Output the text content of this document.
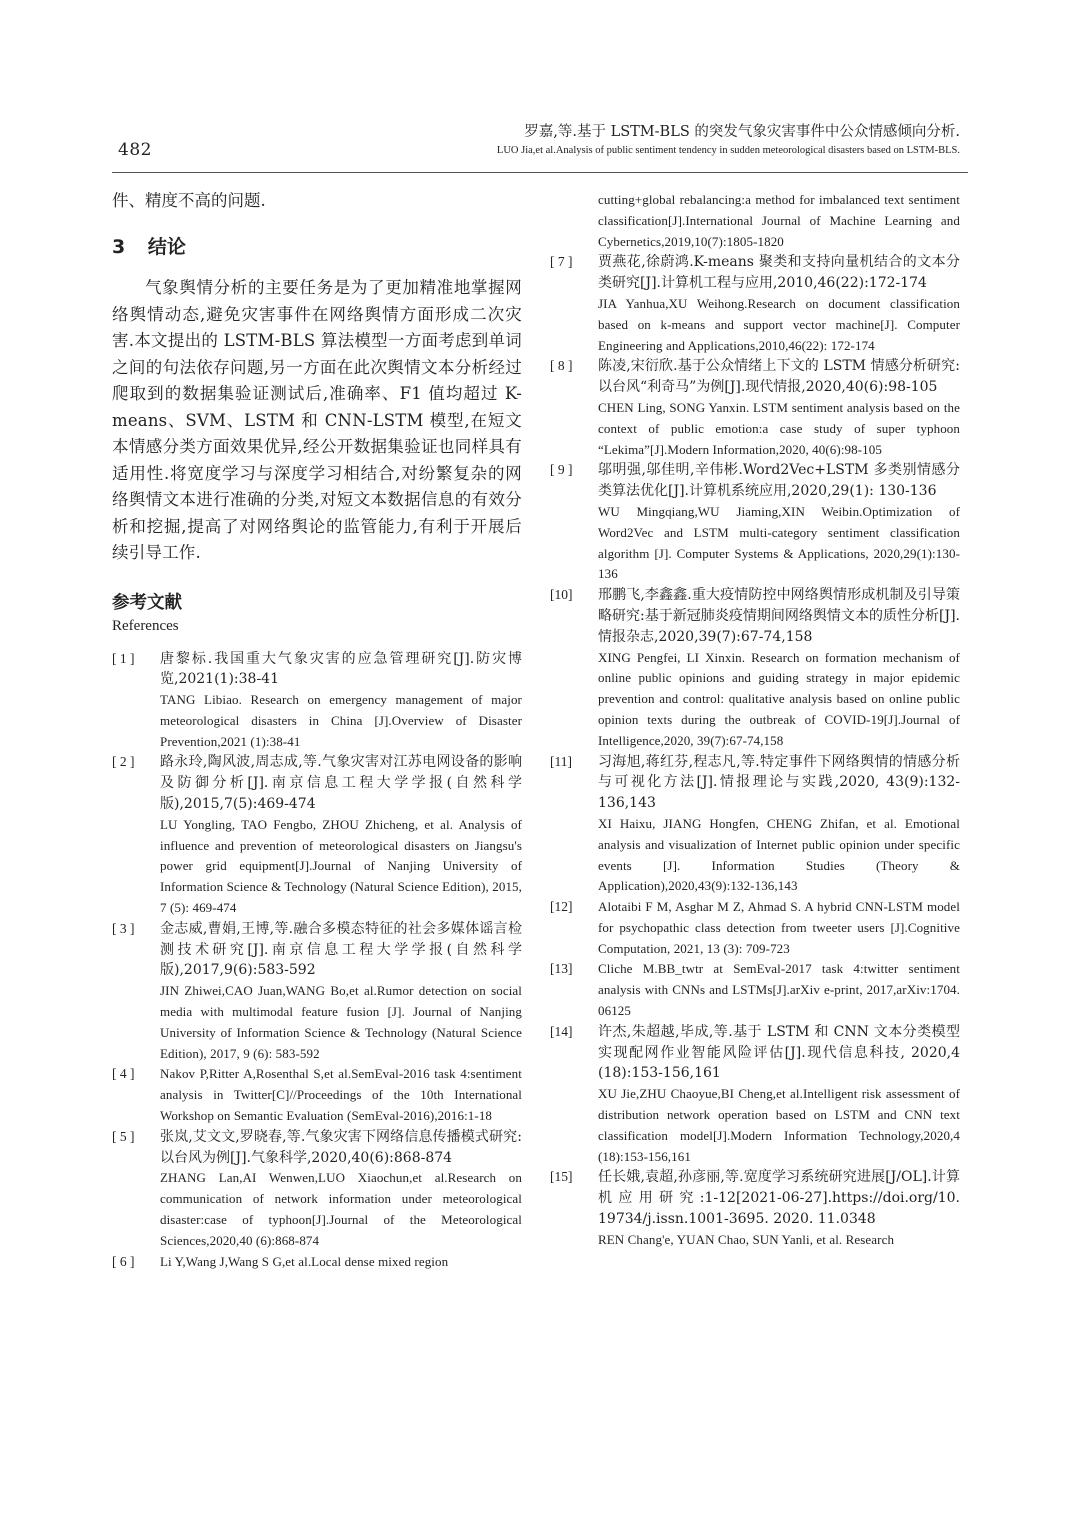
482
罗嘉,等.基于 LSTM-BLS 的突发气象灾害事件中公众情感倾向分析.
LUO Jia,et al.Analysis of public sentiment tendency in sudden meteorological disasters based on LSTM-BLS.

件、精度不高的问题.

3 结论

气象舆情分析的主要任务是为了更加精准地掌握网络舆情动态,避免灾害事件在网络舆情方面形成二次灾害.本文提出的 LSTM-BLS 算法模型一方面考虑到单词之间的句法依存问题,另一方面在此次舆情文本分析经过爬取到的数据集验证测试后,准确率、F1 值均超过 K-means、SVM、LSTM 和 CNN-LSTM 模型,在短文本情感分类方面效果优异,经公开数据集验证也同样具有适用性.将宽度学习与深度学习相结合,对纷繁复杂的网络舆情文本进行准确的分类,对短文本数据信息的有效分析和挖掘,提高了对网络舆论的监管能力,有利于开展后续引导工作.

参考文献
References
[ 1 ]	唐黎标.我国重大气象灾害的应急管理研究[J].防灾博览,2021(1):38-41

TANG Libiao. Research on emergency management of major meteorological disasters in China [J].Overview of Disaster Prevention,2021 (1):38-41

[ 2 ]	路永玲,陶风波,周志成,等.气象灾害对江苏电网设备的影响及防御分析[J].南京信息工程大学学报(自然科学版),2015,7(5):469-474

LU Yongling, TAO Fengbo, ZHOU Zhicheng, et al. Analysis of influence and prevention of meteorological disasters on Jiangsu's power grid equipment[J].Journal of Nanjing University of Information Science & Technology (Natural Science Edition), 2015, 7 (5): 469-474

[ 3 ]	金志威,曹娟,王博,等.融合多模态特征的社会多媒体谣言检测技术研究[J].南京信息工程大学学报(自然科学版),2017,9(6):583-592

JIN Zhiwei,CAO Juan,WANG Bo,et al.Rumor detection on social media with multimodal feature fusion [J]. Journal of Nanjing University of Information Science & Technology (Natural Science Edition), 2017, 9 (6): 583-592

[ 4 ]	Nakov P,Ritter A,Rosenthal S,et al.SemEval-2016 task 4:sentiment analysis in Twitter[C]//Proceedings of the 10th International Workshop on Semantic Evaluation (SemEval-2016),2016:1-18

[ 5 ]	张岚,艾文文,罗晓春,等.气象灾害下网络信息传播模式研究:以台风为例[J].气象科学,2020,40(6):868-874

ZHANG Lan,AI Wenwen,LUO Xiaochun,et al.Research on communication of network information under meteorological disaster:case of typhoon[J].Journal of the Meteorological Sciences,2020,40 (6):868-874

[ 6 ]	Li Y,Wang J,Wang S G,et al.Local dense mixed region

cutting+global rebalancing:a method for imbalanced text sentiment classification[J].International Journal of Machine Learning and Cybernetics,2019,10(7):1805-1820

[ 7 ]	贾燕花,徐蔚鸿.K-means 聚类和支持向量机结合的文本分类研究[J].计算机工程与应用,2010,46(22):172-174

JIA Yanhua,XU Weihong.Research on document classification based on k-means and support vector machine[J]. Computer Engineering and Applications,2010,46(22): 172-174

[ 8 ]	陈凌,宋衍欣.基于公众情绪上下文的 LSTM 情感分析研究:以台风“利奇马”为例[J].现代情报,2020,40(6):98-105

CHEN Ling, SONG Yanxin. LSTM sentiment analysis based on the context of public emotion:a case study of super typhoon “Lekima”[J].Modern Information,2020, 40(6):98-105

[ 9 ]	邬明强,邬佳明,辛伟彬.Word2Vec+LSTM 多类别情感分类算法优化[J].计算机系统应用,2020,29(1): 130-136

WU Mingqiang,WU Jiaming,XIN Weibin.Optimization of Word2Vec and LSTM multi-category sentiment classification algorithm [J]. Computer Systems & Applications, 2020,29(1):130-136

[10]	邢鹏飞,李鑫鑫.重大疫情防控中网络舆情形成机制及引导策略研究:基于新冠肺炎疫情期间网络舆情文本的质性分析[J].情报杂志,2020,39(7):67-74,158

XING Pengfei, LI Xinxin. Research on formation mechanism of online public opinions and guiding strategy in major epidemic prevention and control: qualitative analysis based on online public opinion texts during the outbreak of COVID-19[J].Journal of Intelligence,2020, 39(7):67-74,158

[11]	习海旭,蒋红芬,程志凡,等.特定事件下网络舆情的情感分析与可视化方法[J].情报理论与实践,2020, 43(9):132-136,143

XI Haixu, JIANG Hongfen, CHENG Zhifan, et al. Emotional analysis and visualization of Internet public opinion under specific events [J]. Information Studies (Theory & Application),2020,43(9):132-136,143

[12]	Alotaibi F M, Asghar M Z, Ahmad S. A hybrid CNN-LSTM model for psychopathic class detection from tweeter users [J].Cognitive Computation, 2021, 13 (3): 709-723

[13]	Cliche M.BB_twtr at SemEval-2017 task 4:twitter sentiment analysis with CNNs and LSTMs[J].arXiv e-print, 2017,arXiv:1704. 06125

[14]	许杰,朱超越,毕成,等.基于 LSTM 和 CNN 文本分类模型实现配网作业智能风险评估[J].现代信息科技, 2020,4 (18):153-156,161

XU Jie,ZHU Chaoyue,BI Cheng,et al.Intelligent risk assessment of distribution network operation based on LSTM and CNN text classification model[J].Modern Information Technology,2020,4 (18):153-156,161

[15]	任长娥,袁超,孙彦丽,等.宽度学习系统研究进展[J/OL].计算机应用研究:1-12[2021-06-27].https://doi.org/10. 19734/j.issn.1001-3695. 2020. 11.0348

REN Chang'e, YUAN Chao, SUN Yanli, et al. Research
